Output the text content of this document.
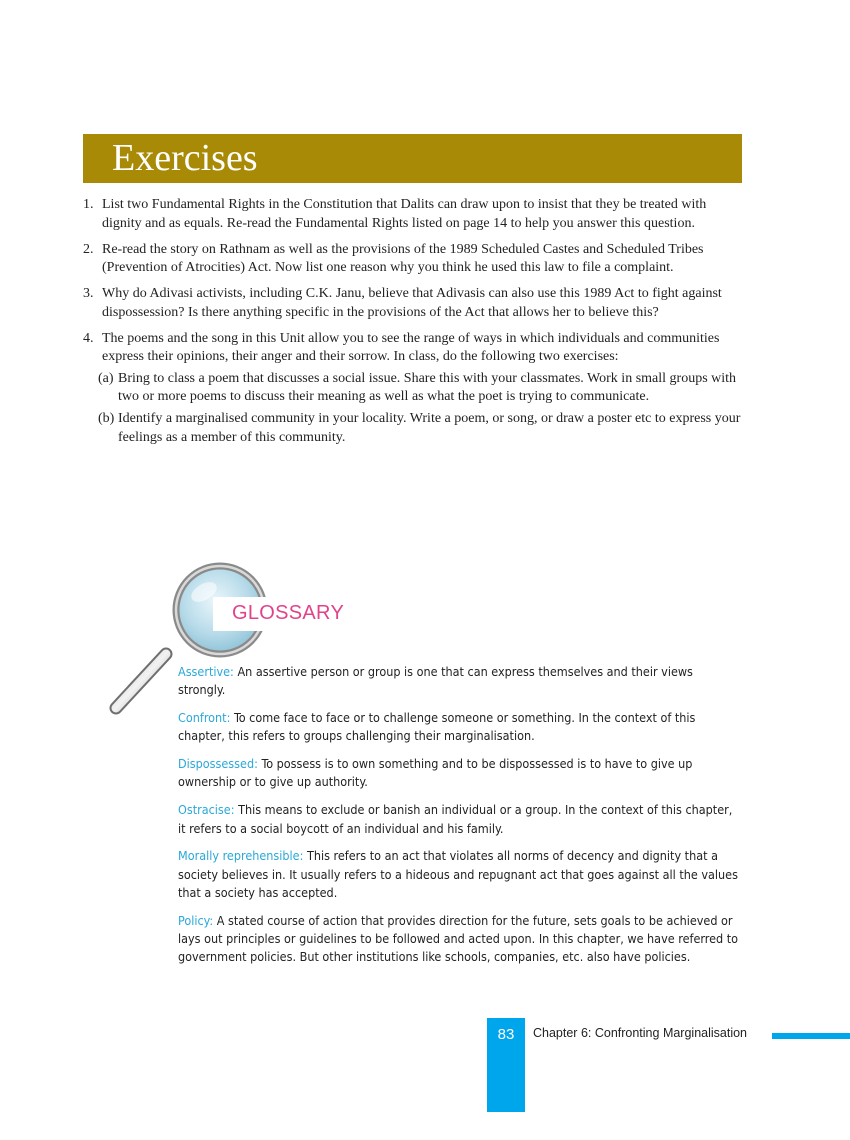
Exercises
1. List two Fundamental Rights in the Constitution that Dalits can draw upon to insist that they be treated with dignity and as equals. Re-read the Fundamental Rights listed on page 14 to help you answer this question.
2. Re-read the story on Rathnam as well as the provisions of the 1989 Scheduled Castes and Scheduled Tribes (Prevention of Atrocities) Act. Now list one reason why you think he used this law to file a complaint.
3. Why do Adivasi activists, including C.K. Janu, believe that Adivasis can also use this 1989 Act to fight against dispossession? Is there anything specific in the provisions of the Act that allows her to believe this?
4. The poems and the song in this Unit allow you to see the range of ways in which individuals and communities express their opinions, their anger and their sorrow. In class, do the following two exercises:
(a) Bring to class a poem that discusses a social issue. Share this with your classmates. Work in small groups with two or more poems to discuss their meaning as well as what the poet is trying to communicate.
(b) Identify a marginalised community in your locality. Write a poem, or song, or draw a poster etc to express your feelings as a member of this community.
GLOSSARY

Assertive: An assertive person or group is one that can express themselves and their views strongly.

Confront: To come face to face or to challenge someone or something. In the context of this chapter, this refers to groups challenging their marginalisation.

Dispossessed: To possess is to own something and to be dispossessed is to have to give up ownership or to give up authority.

Ostracise: This means to exclude or banish an individual or a group. In the context of this chapter, it refers to a social boycott of an individual and his family.

Morally reprehensible: This refers to an act that violates all norms of decency and dignity that a society believes in. It usually refers to a hideous and repugnant act that goes against all the values that a society has accepted.

Policy: A stated course of action that provides direction for the future, sets goals to be achieved or lays out principles or guidelines to be followed and acted upon. In this chapter, we have referred to government policies. But other institutions like schools, companies, etc. also have policies.

83	Chapter 6: Confronting Marginalisation
